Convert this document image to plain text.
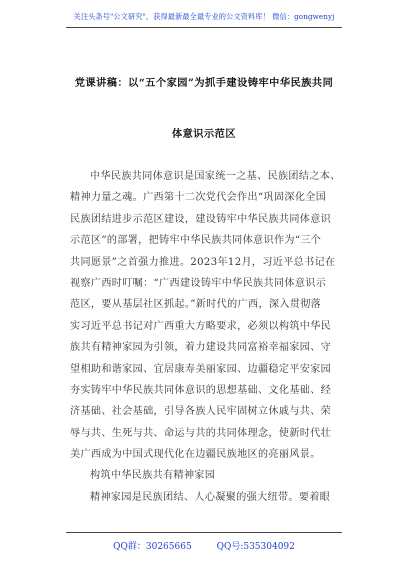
关注头条号"公文研究"，获得最新最全最专业的公文资料库！ 微信：gongwenyj
党课讲稿：以“五个家园”为抓手建设铸牢中华民族共同
体意识示范区
中华民族共同体意识是国家统一之基、民族团结之本、
精神力量之魂。广西第十二次党代会作出“巩固深化全国
民族团结进步示范区建设，建设铸牢中华民族共同体意识
示范区”的部署，把铸牢中华民族共同体意识作为“三个
共同愿景”之首强力推进。2023年12月，习近平总书记在
视察广西时叮嘱：“广西建设铸牢中华民族共同体意识示
范区，要从基层社区抓起。”新时代的广西，深入贯彻落
实习近平总书记对广西重大方略要求，必须以构筑中华民
族共有精神家园为引领，着力建设共同富裕幸福家园、守
望相助和谐家园、宜居康寿美丽家园、边疆稳定平安家园
夯实铸牢中华民族共同体意识的思想基础、文化基础、经
济基础、社会基础，引导各族人民牢固树立休戚与共、荣
辱与共、生死与共、命运与共的共同体理念，使新时代壮
美广西成为中国式现代化在边疆民族地区的亮丽风景。
构筑中华民族共有精神家园
精神家园是民族团结、人心凝聚的强大纽带。要着眼
QQ群：30265665	QQ号:535304092
